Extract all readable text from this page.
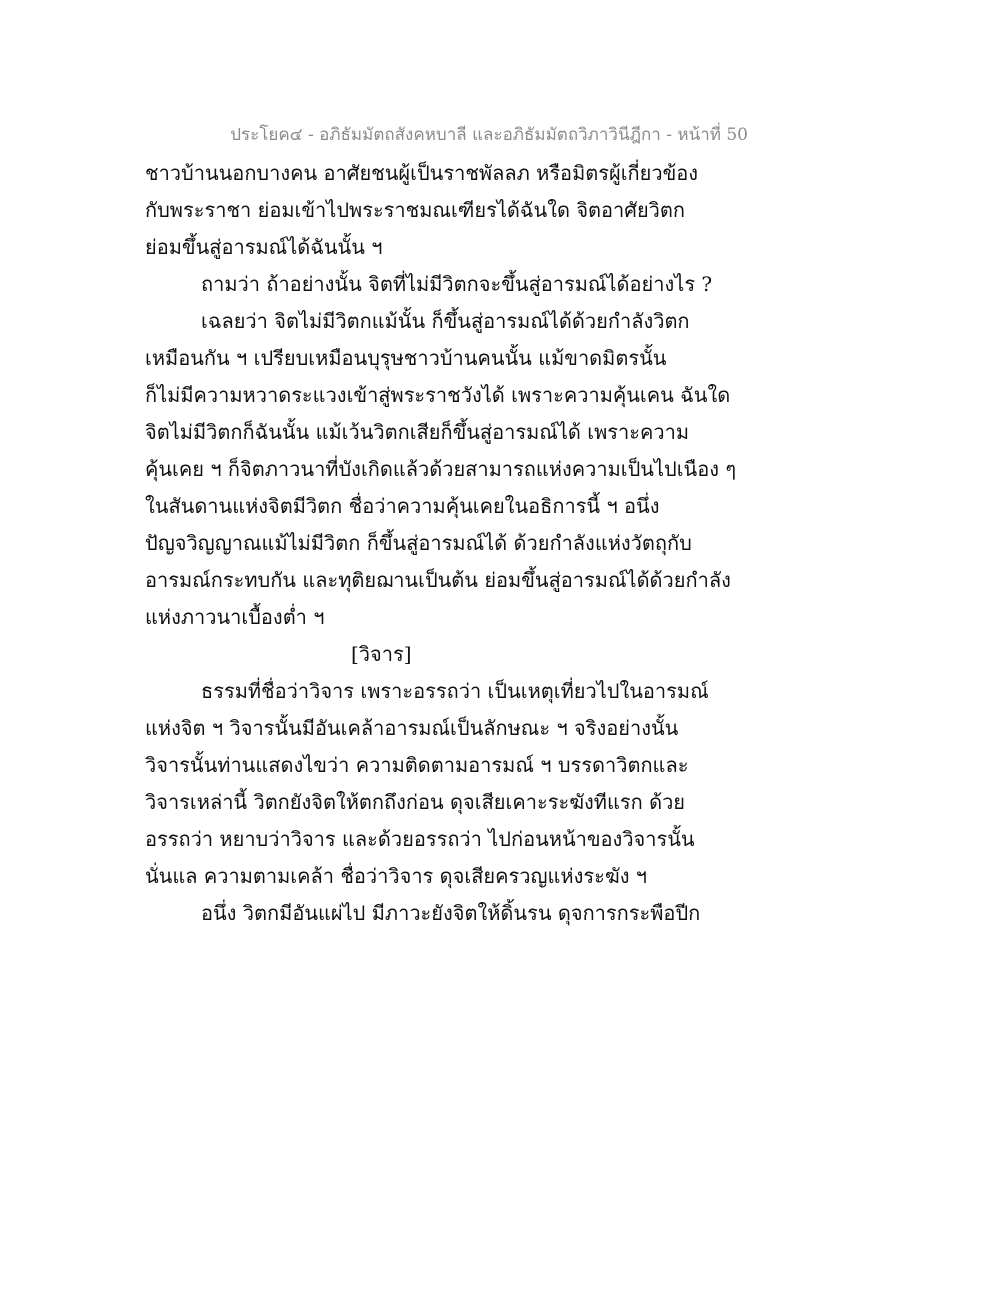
ประโยค๔ - อภิธัมมัตถสังคหบาลี และอภิธัมมัตถวิภาวินีฎีกา - หน้าที่ 50
ชาวบ้านนอกบางคน อาศัยชนผู้เป็นราชพัลลภ หรือมิตรผู้เกี่ยวข้อง
กับพระราชา ย่อมเข้าไปพระราชมณเฑียรได้ฉันใด จิตอาศัยวิตก
ย่อมขึ้นสู่อารมณ์ได้ฉันนั้น ฯ
ถามว่า ถ้าอย่างนั้น จิตที่ไม่มีวิตกจะขึ้นสู่อารมณ์ได้อย่างไร ?
เฉลยว่า จิตไม่มีวิตกแม้นั้น ก็ขึ้นสู่อารมณ์ได้ด้วยกำลังวิตก
เหมือนกัน ฯ เปรียบเหมือนบุรุษชาวบ้านคนนั้น แม้ขาดมิตรนั้น
ก็ไม่มีความหวาดระแวงเข้าสู่พระราชวังได้ เพราะความคุ้นเคน ฉันใด
จิตไม่มีวิตกก็ฉันนั้น แม้เว้นวิตกเสียก็ขึ้นสู่อารมณ์ได้ เพราะความ
คุ้นเคย ฯ ก็จิตภาวนาที่บังเกิดแล้วด้วยสามารถแห่งความเป็นไปเนือง ๆ
ในสันดานแห่งจิตมีวิตก ชื่อว่าความคุ้นเคยในอธิการนี้ ฯ อนึ่ง
ปัญจวิญญาณแม้ไม่มีวิตก ก็ขึ้นสู่อารมณ์ได้ ด้วยกำลังแห่งวัตถุกับ
อารมณ์กระทบกัน และทุติยฌานเป็นต้น ย่อมขึ้นสู่อารมณ์ได้ด้วยกำลัง
แห่งภาวนาเบื้องต่ำ ฯ
[วิจาร]
ธรรมที่ชื่อว่าวิจาร เพราะอรรถว่า เป็นเหตุเที่ยวไปในอารมณ์
แห่งจิต ฯ วิจารนั้นมีอันเคล้าอารมณ์เป็นลักษณะ ฯ จริงอย่างนั้น
วิจารนั้นท่านแสดงไขว่า ความติดตามอารมณ์ ฯ บรรดาวิตกและ
วิจารเหล่านี้ วิตกยังจิตให้ตกถึงก่อน ดุจเสียเคาะระฆังทีแรก ด้วย
อรรถว่า หยาบว่าวิจาร และด้วยอรรถว่า ไปก่อนหน้าของวิจารนั้น
นั่นแล ความตามเคล้า ชื่อว่าวิจาร ดุจเสียครวญแห่งระฆัง ฯ
อนึ่ง วิตกมีอันแผ่ไป มีภาวะยังจิตให้ดิ้นรน ดุจการกระพือปีก
